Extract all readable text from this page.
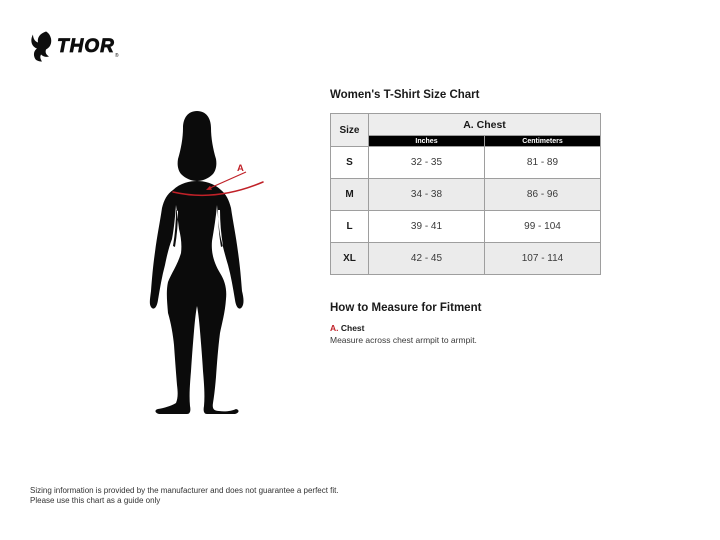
THOR ®
A
Women's T-Shirt Size Chart
Size	A. Chest	
	Inches	Centimeters
S	32 - 35	81 - 89
M	34 - 38	86 - 96
L	39 - 41	99 - 104
XL	42 - 45	107 - 114
How to Measure for Fitment
A. Chest
Measure across chest armpit to armpit.
Sizing information is provided by the manufacturer and does not guarantee a perfect fit.
Please use this chart as a guide only
